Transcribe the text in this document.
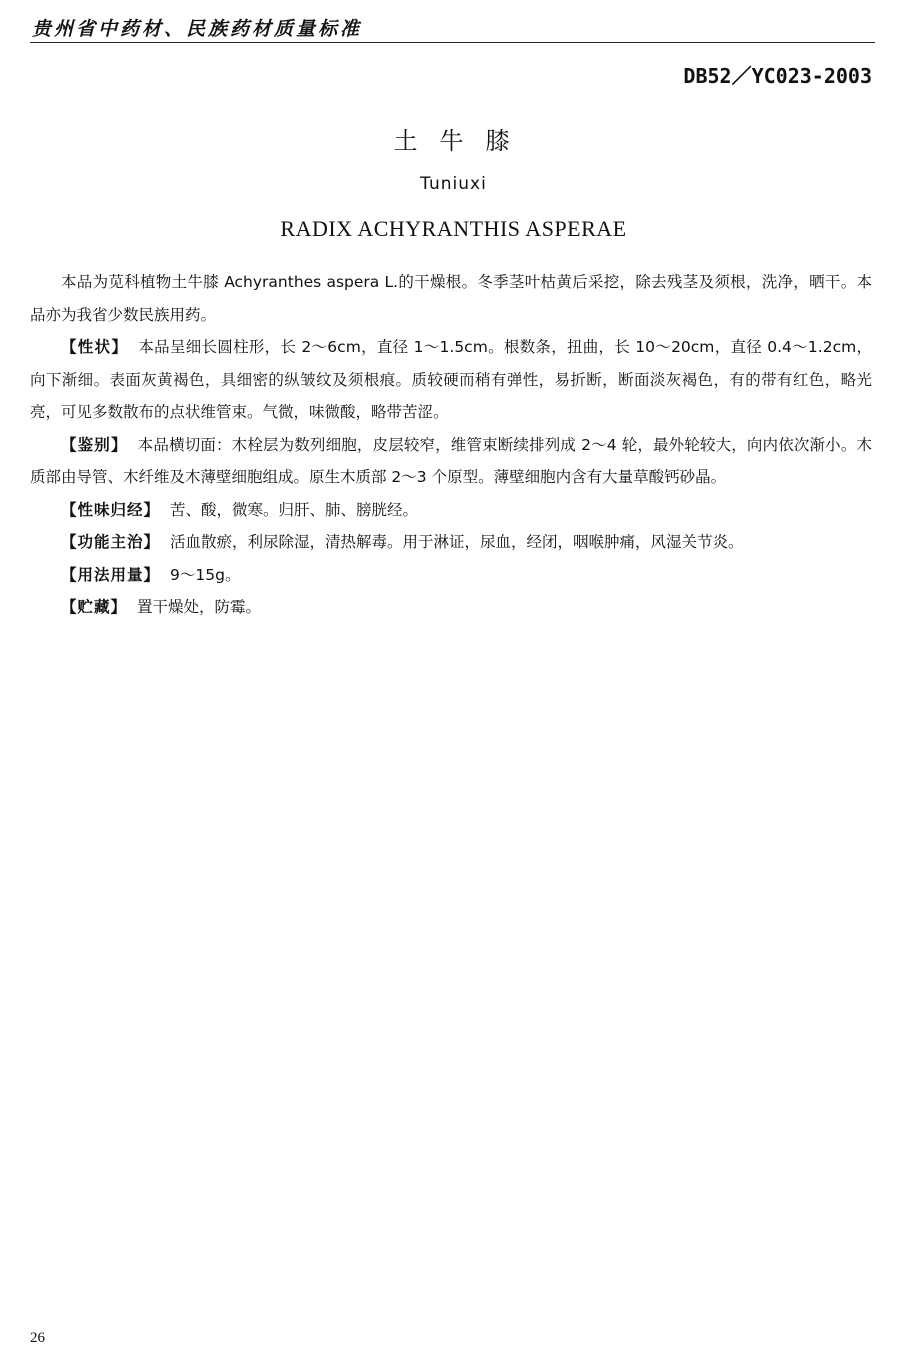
贵州省中药材、民族药材质量标准
DB52／YC023-2003
土牛膝
Tuniuxi
RADIX ACHYRANTHIS ASPERAE

本品为苋科植物土牛膝 Achyranthes aspera L.的干燥根。冬季茎叶枯黄后采挖，除去残茎及须根，洗净，晒干。本品亦为我省少数民族用药。

【性状】 本品呈细长圆柱形，长 2～6cm，直径 1～1.5cm。根数条，扭曲，长 10～20cm，直径 0.4～1.2cm，向下渐细。表面灰黄褐色，具细密的纵皱纹及须根痕。质较硬而稍有弹性，易折断，断面淡灰褐色，有的带有红色，略光亮，可见多数散布的点状维管束。气微，味微酸，略带苦涩。

【鉴别】 本品横切面：木栓层为数列细胞，皮层较窄，维管束断续排列成 2～4 轮，最外轮较大，向内依次渐小。木质部由导管、木纤维及木薄壁细胞组成。原生木质部 2～3 个原型。薄壁细胞内含有大量草酸钙砂晶。

【性味归经】 苦、酸，微寒。归肝、肺、膀胱经。

【功能主治】 活血散瘀，利尿除湿，清热解毒。用于淋证，尿血，经闭，咽喉肿痛，风湿关节炎。

【用法用量】 9～15g。

【贮藏】 置干燥处，防霉。

26
